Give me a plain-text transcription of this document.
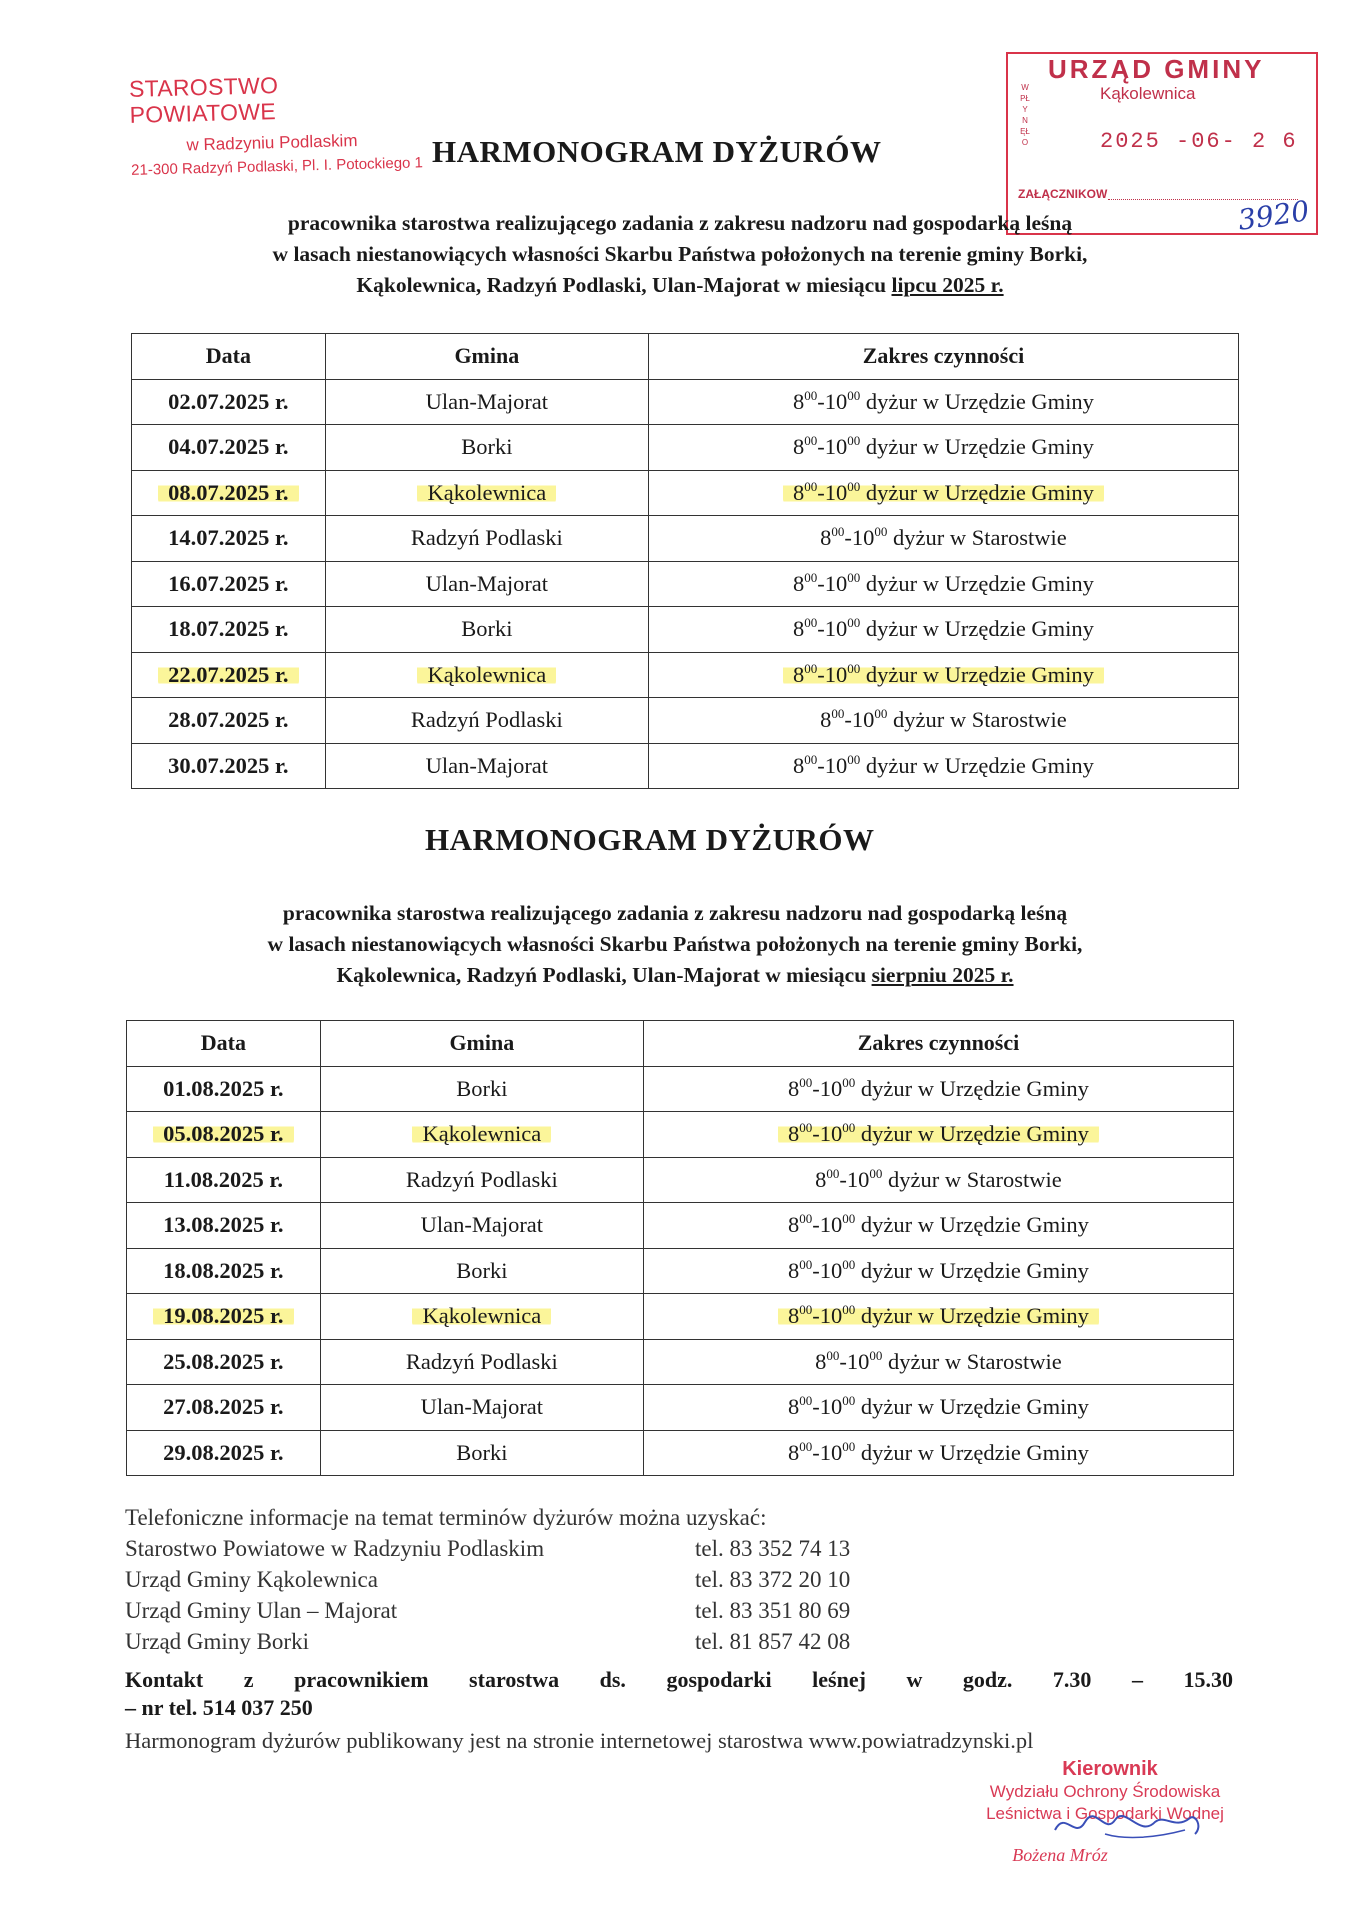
STAROSTWO POWIATOWE
w Radzyniu Podlaskim
21-300 Radzyń Podlaski, Pl. I. Potockiego 1
URZĄD GMINY
Kąkolewnica
WPŁYNĘŁO	2025 -06- 2 6
ZAŁĄCZNIKOW
3920
HARMONOGRAM DYŻURÓW
pracownika starostwa realizującego zadania z zakresu nadzoru nad gospodarką leśną
w lasach niestanowiących własności Skarbu Państwa położonych na terenie gminy Borki,
Kąkolewnica, Radzyń Podlaski, Ulan-Majorat w miesiącu lipcu 2025 r.
Data	Gmina	Zakres czynności
02.07.2025 r.	Ulan-Majorat	$8^{00}-10^{00}$ dyżur w Urzędzie Gminy
04.07.2025 r.	Borki	$8^{00}-10^{00}$ dyżur w Urzędzie Gminy
08.07.2025 r.	Kąkolewnica	$8^{00}-10^{00}$ dyżur w Urzędzie Gminy
14.07.2025 r.	Radzyń Podlaski	$8^{00}-10^{00}$ dyżur w Starostwie
16.07.2025 r.	Ulan-Majorat	$8^{00}-10^{00}$ dyżur w Urzędzie Gminy
18.07.2025 r.	Borki	$8^{00}-10^{00}$ dyżur w Urzędzie Gminy
22.07.2025 r.	Kąkolewnica	$8^{00}-10^{00}$ dyżur w Urzędzie Gminy
28.07.2025 r.	Radzyń Podlaski	$8^{00}-10^{00}$ dyżur w Starostwie
30.07.2025 r.	Ulan-Majorat	$8^{00}-10^{00}$ dyżur w Urzędzie Gminy
HARMONOGRAM DYŻURÓW
pracownika starostwa realizującego zadania z zakresu nadzoru nad gospodarką leśną
w lasach niestanowiących własności Skarbu Państwa położonych na terenie gminy Borki,
Kąkolewnica, Radzyń Podlaski, Ulan-Majorat w miesiącu sierpniu 2025 r.
Data	Gmina	Zakres czynności
01.08.2025 r.	Borki	$8^{00}-10^{00}$ dyżur w Urzędzie Gminy
05.08.2025 r.	Kąkolewnica	$8^{00}-10^{00}$ dyżur w Urzędzie Gminy
11.08.2025 r.	Radzyń Podlaski	$8^{00}-10^{00}$ dyżur w Starostwie
13.08.2025 r.	Ulan-Majorat	$8^{00}-10^{00}$ dyżur w Urzędzie Gminy
18.08.2025 r.	Borki	$8^{00}-10^{00}$ dyżur w Urzędzie Gminy
19.08.2025 r.	Kąkolewnica	$8^{00}-10^{00}$ dyżur w Urzędzie Gminy
25.08.2025 r.	Radzyń Podlaski	$8^{00}-10^{00}$ dyżur w Starostwie
27.08.2025 r.	Ulan-Majorat	$8^{00}-10^{00}$ dyżur w Urzędzie Gminy
29.08.2025 r.	Borki	$8^{00}-10^{00}$ dyżur w Urzędzie Gminy
Telefoniczne informacje na temat terminów dyżurów można uzyskać:
Starostwo Powiatowe w Radzyniu Podlaskim	tel. 83 352 74 13
Urząd Gminy Kąkolewnica	tel. 83 372 20 10
Urząd Gminy Ulan – Majorat	tel. 83 351 80 69
Urząd Gminy Borki	tel. 81 857 42 08
Kontakt z pracownikiem starostwa ds. gospodarki leśnej w godz. 7.30 – 15.30
– nr tel. 514 037 250
Harmonogram dyżurów publikowany jest na stronie internetowej starostwa www.powiatradzynski.pl
Kierownik
Wydziału Ochrony Środowiska
Leśnictwa i Gospodarki Wodnej
Bożena Mróz
